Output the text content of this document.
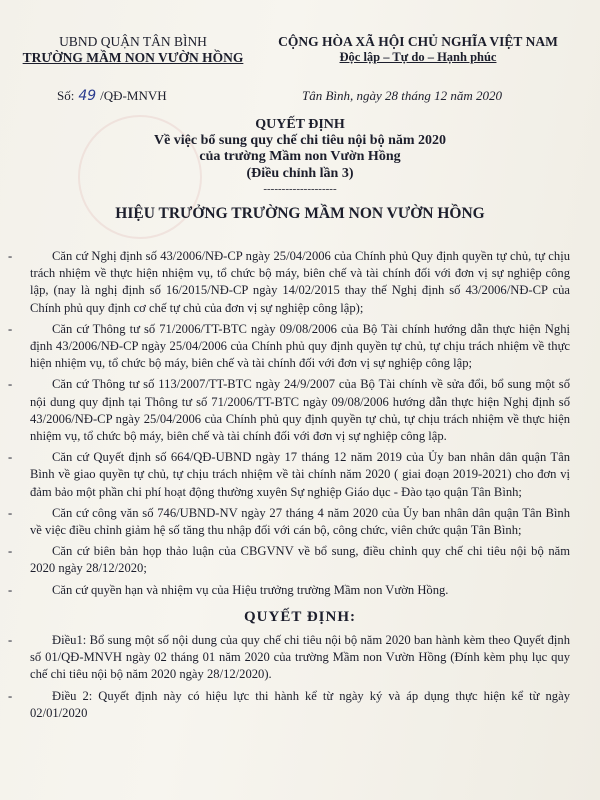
UBND QUẬN TÂN BÌNH
TRƯỜNG MẦM NON VƯỜN HỒNG
CỘNG HÒA XÃ HỘI CHỦ NGHĨA VIỆT NAM
Độc lập – Tự do – Hạnh phúc
Số: 49 /QĐ-MNVH	Tân Bình, ngày 28 tháng 12 năm 2020
QUYẾT ĐỊNH
Về việc bổ sung quy chế chi tiêu nội bộ năm 2020
của trường Mầm non Vườn Hồng
(Điều chỉnh lần 3)
--------------------
HIỆU TRƯỞNG TRƯỜNG MẦM NON VƯỜN HỒNG

-	Căn cứ Nghị định số 43/2006/NĐ-CP ngày 25/04/2006 của Chính phủ Quy định quyền tự chủ, tự chịu trách nhiệm về thực hiện nhiệm vụ, tổ chức bộ máy, biên chế và tài chính đối với đơn vị sự nghiệp công lập, (nay là nghị định số 16/2015/NĐ-CP ngày 14/02/2015 thay thế Nghị định số 43/2006/NĐ-CP của Chính phủ quy định cơ chế tự chủ của đơn vị sự nghiệp công lập);

-	Căn cứ Thông tư số 71/2006/TT-BTC ngày 09/08/2006 của Bộ Tài chính hướng dẫn thực hiện Nghị định 43/2006/NĐ-CP ngày 25/04/2006 của Chính phủ quy định quyền tự chủ, tự chịu trách nhiệm về thực hiện nhiệm vụ, tổ chức bộ máy, biên chế và tài chính đối với đơn vị sự nghiệp công lập;

-	Căn cứ Thông tư số 113/2007/TT-BTC ngày 24/9/2007 của Bộ Tài chính về sửa đổi, bổ sung một số nội dung quy định tại Thông tư số 71/2006/TT-BTC ngày 09/08/2006 hướng dẫn thực hiện Nghị định số 43/2006/NĐ-CP ngày 25/04/2006 của Chính phủ quy định quyền tự chủ, tự chịu trách nhiệm về thực hiện nhiệm vụ, tổ chức bộ máy, biên chế và tài chính đối với đơn vị sự nghiệp công lập.

-	Căn cứ Quyết định số 664/QĐ-UBND ngày 17 tháng 12 năm 2019 của Ủy ban nhân dân quận Tân Bình về giao quyền tự chủ, tự chịu trách nhiệm về tài chính năm 2020 ( giai đoạn 2019-2021) cho đơn vị đảm bảo một phần chi phí hoạt động thường xuyên Sự nghiệp Giáo dục - Đào tạo quận Tân Bình;

-	Căn cứ công văn số 746/UBND-NV ngày 27 tháng 4 năm 2020 của Ủy ban nhân dân quận Tân Bình về việc điều chỉnh giảm hệ số tăng thu nhập đối với cán bộ, công chức, viên chức quận Tân Bình;

-	Căn cứ biên bản họp thảo luận của CBGVNV về bổ sung, điều chỉnh quy chế chi tiêu nội bộ năm 2020 ngày 28/12/2020;

-	Căn cứ quyền hạn và nhiệm vụ của Hiệu trưởng trường Mầm non Vườn Hồng.

QUYẾT ĐỊNH:

-	Điều1: Bổ sung một số nội dung của quy chế chi tiêu nội bộ năm 2020 ban hành kèm theo Quyết định số 01/QĐ-MNVH ngày 02 tháng 01 năm 2020 của trường Mầm non Vườn Hồng (Đính kèm phụ lục quy chế chi tiêu nội bộ năm 2020 ngày 28/12/2020).

-	Điều 2: Quyết định này có hiệu lực thi hành kể từ ngày ký và áp dụng thực hiện kể từ ngày 02/01/2020
